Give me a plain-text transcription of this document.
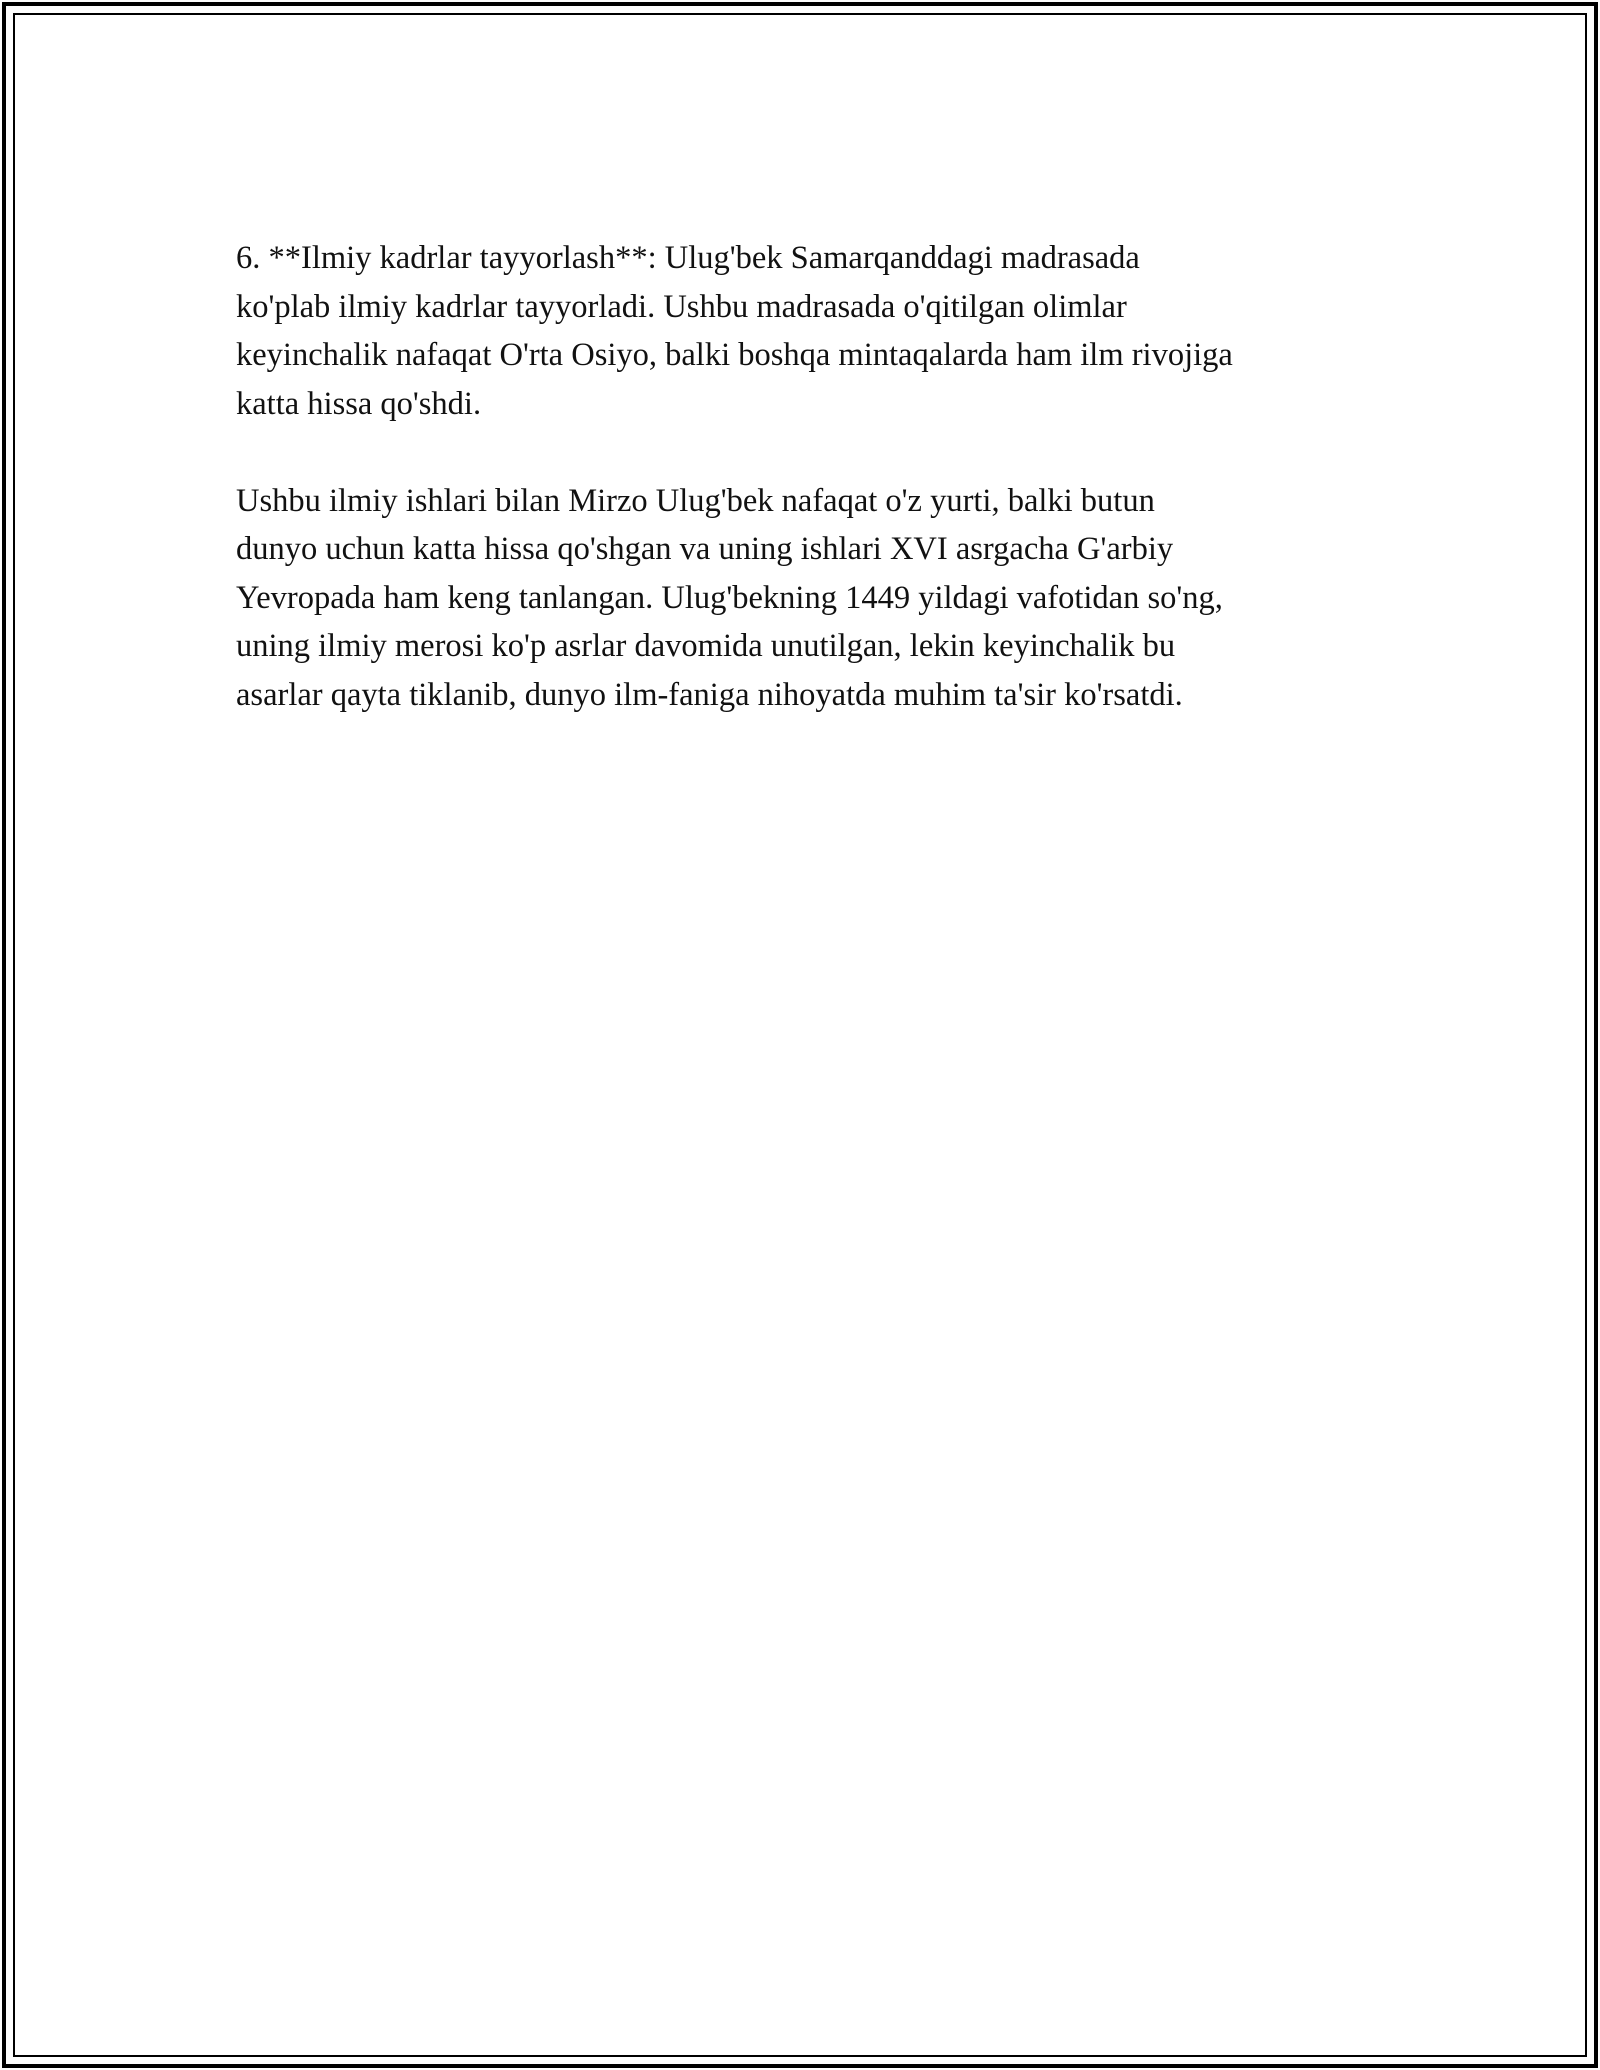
6. **Ilmiy kadrlar tayyorlash**: Ulug'bek Samarqanddagi madrasada
ko'plab ilmiy kadrlar tayyorladi. Ushbu madrasada o'qitilgan olimlar
keyinchalik nafaqat O'rta Osiyo, balki boshqa mintaqalarda ham ilm rivojiga
katta hissa qo'shdi.

Ushbu ilmiy ishlari bilan Mirzo Ulug'bek nafaqat o'z yurti, balki butun
dunyo uchun katta hissa qo'shgan va uning ishlari XVI asrgacha G'arbiy
Yevropada ham keng tanlangan. Ulug'bekning 1449 yildagi vafotidan so'ng,
uning ilmiy merosi ko'p asrlar davomida unutilgan, lekin keyinchalik bu
asarlar qayta tiklanib, dunyo ilm-faniga nihoyatda muhim ta'sir ko'rsatdi.
